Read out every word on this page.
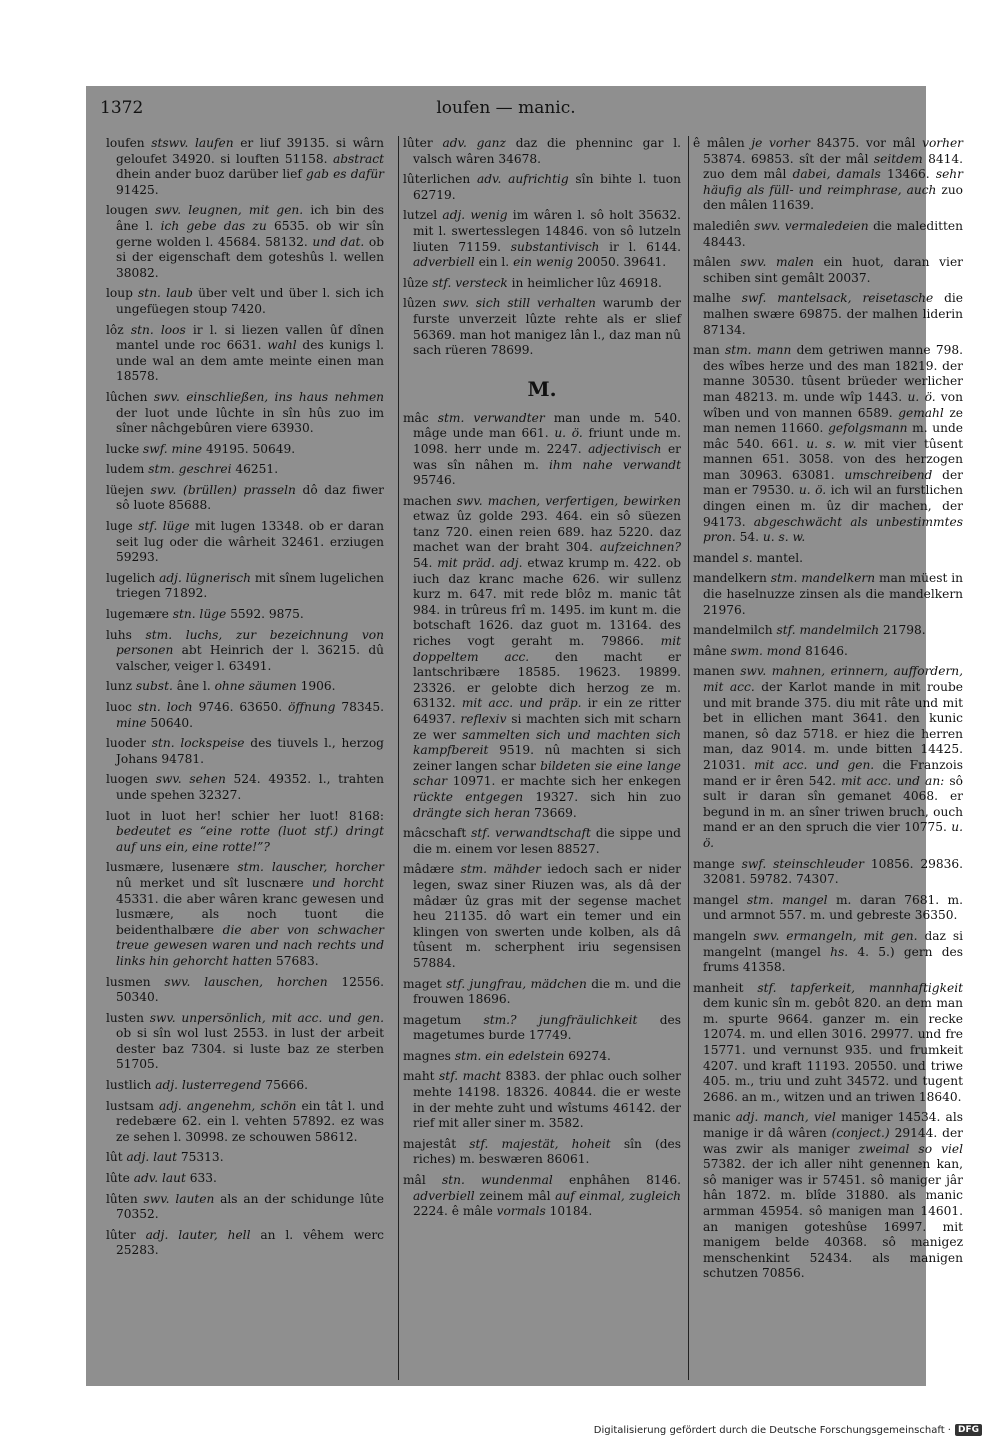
1372	loufen — manic.
loufen stswv. laufen er liuf 39135. si wârn geloufet 34920. si louften 51158. abstract dhein ander buoz darüber lief gab es dafür 91425.
lougen swv. leugnen, mit gen. ich bin des âne l. ich gebe das zu 6535. ob wir sîn gerne wolden l. 45684. 58132. und dat. ob si der eigenschaft dem goteshûs l. wellen 38082.
loup stn. laub über velt und über l. sich ich ungefüegen stoup 7420.
lôz stn. loos ir l. si liezen vallen ûf dînen mantel unde roc 6631. wahl des kunigs l. unde wal an dem amte meinte einen man 18578.
lûchen swv. einschließen, ins haus nehmen der luot unde lûchte in sîn hûs zuo im sîner nâchgebûren viere 63930.
lucke swf. mine 49195. 50649.
ludem stm. geschrei 46251.
lüejen swv. (brüllen) prasseln dô daz fiwer sô luote 85688.
luge stf. lüge mit lugen 13348. ob er daran seit lug oder die wârheit 32461. erziugen 59293.
lugelich adj. lügnerisch mit sînem lugelichen triegen 71892.
lugemære stn. lüge 5592. 9875.
luhs stm. luchs, zur bezeichnung von personen abt Heinrich der l. 36215. dû valscher, veiger l. 63491.
lunz subst. âne l. ohne säumen 1906.
luoc stn. loch 9746. 63650. öffnung 78345. mine 50640.
luoder stn. lockspeise des tiuvels l., herzog Johans 94781.
luogen swv. sehen 524. 49352. l., trahten unde spehen 32327.
luot in luot her! schier her luot! 8168: bedeutet es “eine rotte (luot stf.) dringt auf uns ein, eine rotte!”?
lusmære, lusenære stm. lauscher, horcher nû merket und sît luscnære und horcht 45331. die aber wâren kranc gewesen und lusmære, als noch tuont die beidenthalbære die aber von schwacher treue gewesen waren und nach rechts und links hin gehorcht hatten 57683.
lusmen swv. lauschen, horchen 12556. 50340.
lusten swv. unpersönlich, mit acc. und gen. ob si sîn wol lust 2553. in lust der arbeit dester baz 7304. si luste baz ze sterben 51705.
lustlich adj. lusterregend 75666.
lustsam adj. angenehm, schön ein tât l. und redebære 62. ein l. vehten 57892. ez was ze sehen l. 30998. ze schouwen 58612.
lût adj. laut 75313.
lûte adv. laut 633.
lûten swv. lauten als an der schidunge lûte 70352.
lûter adj. lauter, hell an l. vêhem werc 25283.
lûter adv. ganz daz die phenninc gar l. valsch wâren 34678.
lûterlichen adv. aufrichtig sîn bihte l. tuon 62719.
lutzel adj. wenig im wâren l. sô holt 35632. mit l. swertesslegen 14846. von sô lutzeln liuten 71159. substantivisch ir l. 6144. adverbiell ein l. ein wenig 20050. 39641.
lûze stf. versteck in heimlicher lûz 46918.
lûzen swv. sich still verhalten warumb der furste unverzeit lûzte rehte als er slief 56369. man hot manigez lân l., daz man nû sach rüeren 78699.
M.
mâc stm. verwandter man unde m. 540. mâge unde man 661. u. ö. friunt unde m. 1098. herr unde m. 2247. adjectivisch er was sîn nâhen m. ihm nahe verwandt 95746.
machen swv. machen, verfertigen, bewirken etwaz ûz golde 293. 464. ein sô süezen tanz 720. einen reien 689. haz 5220. daz machet wan der braht 304. aufzeichnen? 54. mit präd. adj. etwaz krump m. 422. ob iuch daz kranc mache 626. wir sullenz kurz m. 647. mit rede blôz m. manic tât 984. in trûreus frî m. 1495. im kunt m. die botschaft 1626. daz guot m. 13164. des riches vogt geraht m. 79866. mit doppeltem acc. den macht er lantschribære 18585. 19623. 19899. 23326. er gelobte dich herzog ze m. 63132. mit acc. und präp. ir ein ze ritter 64937. reflexiv si machten sich mit scharn ze wer sammelten sich und machten sich kampfbereit 9519. nû machten si sich zeiner langen schar bildeten sie eine lange schar 10971. er machte sich her enkegen rückte entgegen 19327. sich hin zuo drängte sich heran 73669.
mâcschaft stf. verwandtschaft die sippe und die m. einem vor lesen 88527.
mâdære stm. mähder iedoch sach er nider legen, swaz siner Riuzen was, als dâ der mâdær ûz gras mit der segense machet heu 21135. dô wart ein temer und ein klingen von swerten unde kolben, als dâ tûsent m. scherphent iriu segensisen 57884.
maget stf. jungfrau, mädchen die m. und die frouwen 18696.
magetum stm.? jungfräulichkeit des magetumes burde 17749.
magnes stm. ein edelstein 69274.
maht stf. macht 8383. der phlac ouch solher mehte 14198. 18326. 40844. die er weste in der mehte zuht und wîstums 46142. der rief mit aller siner m. 3582.
majestât stf. majestät, hoheit sîn (des riches) m. beswæren 86061.
mâl stn. wundenmal enphâhen 8146. adverbiell zeinem mâl auf einmal, zugleich 2224. ê mâle vormals 10184.
ê mâlen je vorher 84375. vor mâl vorher 53874. 69853. sît der mâl seitdem 8414. zuo dem mâl dabei, damals 13466. sehr häufig als füll- und reimphrase, auch zuo den mâlen 11639.
malediên swv. vermaledeien die maleditten 48443.
mâlen swv. malen ein huot, daran vier schiben sint gemâlt 20037.
malhe swf. mantelsack, reisetasche die malhen swære 69875. der malhen liderin 87134.
man stm. mann dem getriwen manne 798. des wîbes herze und des man 18219. der manne 30530. tûsent brüeder werlicher man 48213. m. unde wîp 1443. u. ö. von wîben und von mannen 6589. gemahl ze man nemen 11660. gefolgsmann m. unde mâc 540. 661. u. s. w. mit vier tûsent mannen 651. 3058. von des herzogen man 30963. 63081. umschreibend der man er 79530. u. ö. ich wil an furstlichen dingen einen m. ûz dir machen, der 94173. abgeschwächt als unbestimmtes pron. 54. u. s. w.
mandel s. mantel.
mandelkern stm. mandelkern man müest in die haselnuzze zinsen als die mandelkern 21976.
mandelmilch stf. mandelmilch 21798.
mâne swm. mond 81646.
manen swv. mahnen, erinnern, auffordern, mit acc. der Karlot mande in mit roube und mit brande 375. diu mit râte und mit bet in ellichen mant 3641. den kunic manen, sô daz 5718. er hiez die herren man, daz 9014. m. unde bitten 14425. 21031. mit acc. und gen. die Franzois mand er ir êren 542. mit acc. und an: sô sult ir daran sîn gemanet 4068. er begund in m. an sîner triwen bruch, ouch mand er an den spruch die vier 10775. u. ö.
mange swf. steinschleuder 10856. 29836. 32081. 59782. 74307.
mangel stm. mangel m. daran 7681. m. und armnot 557. m. und gebreste 36350.
mangeln swv. ermangeln, mit gen. daz si mangelnt (mangel hs. 4. 5.) gern des frums 41358.
manheit stf. tapferkeit, mannhaftigkeit dem kunic sîn m. gebôt 820. an dem man m. spurte 9664. ganzer m. ein recke 12074. m. und ellen 3016. 29977. und fre 15771. und vernunst 935. und frumkeit 4207. und kraft 11193. 20550. und triwe 405. m., triu und zuht 34572. und tugent 2686. an m., witzen und an triwen 18640.
manic adj. manch, viel maniger 14534. als manige ir dâ wâren (conject.) 29144. der was zwir als maniger zweimal so viel 57382. der ich aller niht genennen kan, sô maniger was ir 57451. sô maniger jâr hân 1872. m. blîde 31880. als manic armman 45954. sô manigen man 14601. an manigen goteshûse 16997. mit manigem belde 40368. sô manigez menschenkint 52434. als manigen schutzen 70856.
Digitalisierung gefördert durch die Deutsche Forschungsgemeinschaft · DFG
